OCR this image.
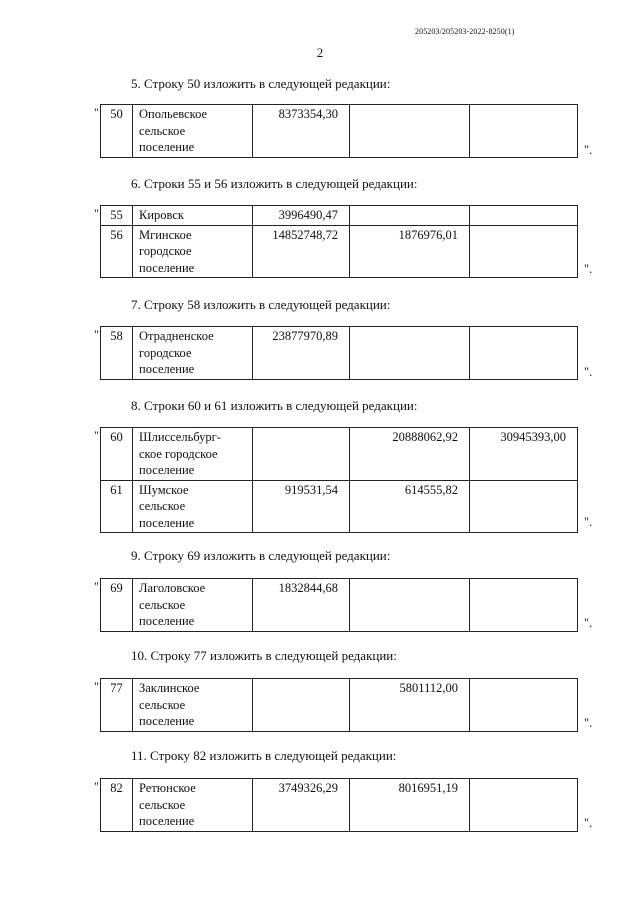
205203/205203-2022-8250(1)
2
5. Строку 50 изложить в следующей редакции:
" 50	Опольевское
сельское
поселение	8373354,30		
".
6. Строки 55 и 56 изложить в следующей редакции:
" 55	Кировск	3996490,47		
56	Мгинское
городское
поселение	14852748,72	1876976,01	
".
7. Строку 58 изложить в следующей редакции:
" 58	Отрадненское
городское
поселение	23877970,89		
".
8. Строки 60 и 61 изложить в следующей редакции:
" 60	Шлиссельбург-
ское городское
поселение		20888062,92	30945393,00
61	Шумское
сельское
поселение	919531,54	614555,82	
".
9. Строку 69 изложить в следующей редакции:
" 69	Лаголовское
сельское
поселение	1832844,68		
".
10. Строку 77 изложить в следующей редакции:
" 77	Заклинское
сельское
поселение		5801112,00	
".
11. Строку 82 изложить в следующей редакции:
" 82	Ретюнское
сельское
поселение	3749326,29	8016951,19	
".
